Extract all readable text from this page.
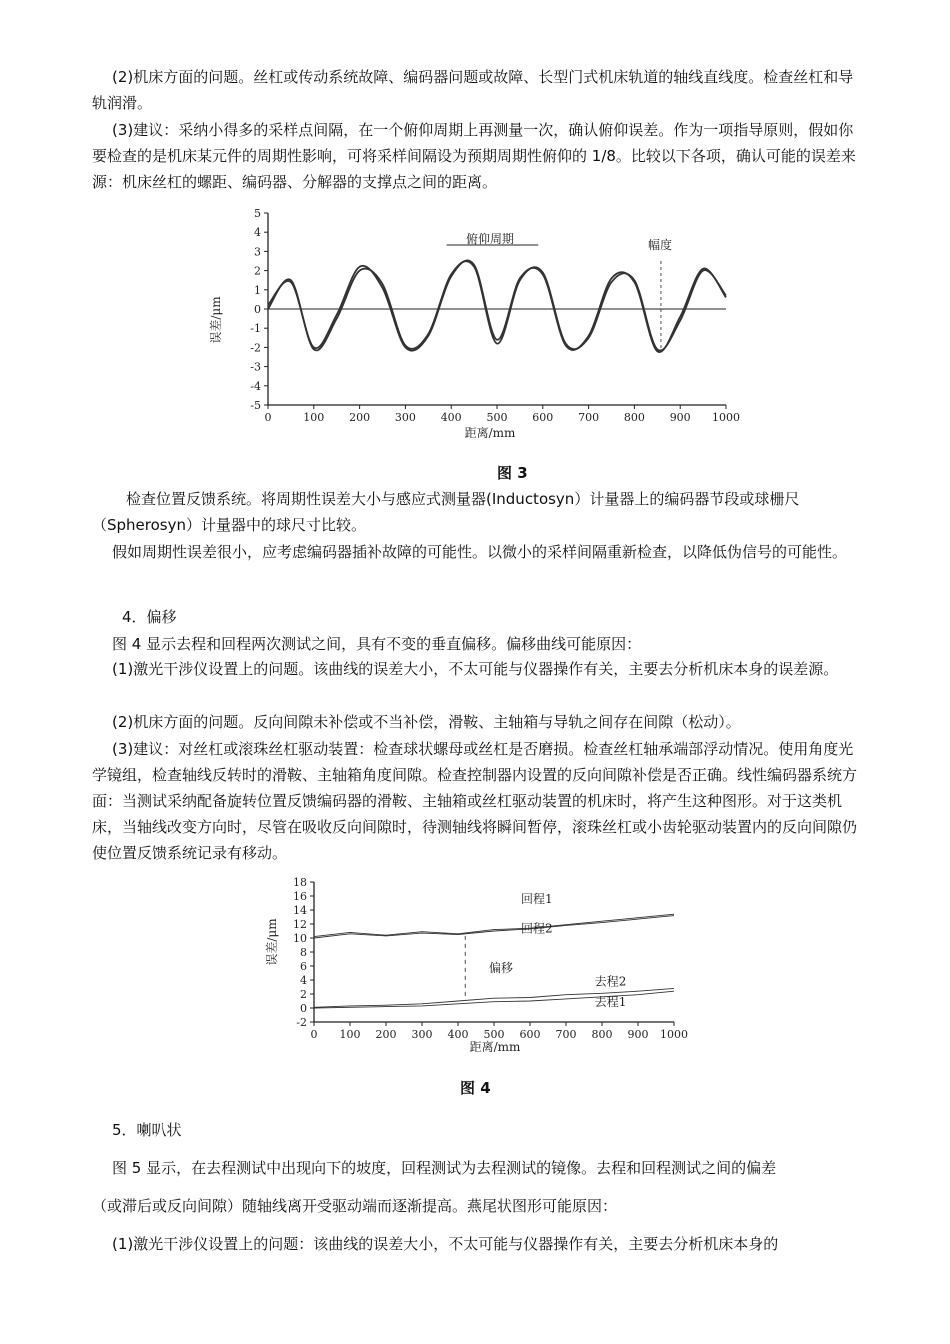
(2)机床方面的问题。丝杠或传动系统故障、编码器问题或故障、长型门式机床轨道的轴线直线度。检查丝杠和导轨润滑。

(3)建议：采纳小得多的采样点间隔，在一个俯仰周期上再测量一次，确认俯仰误差。作为一项指导原则，假如你要检查的是机床某元件的周期性影响，可将采样间隔设为预期周期性俯仰的 1/8。比较以下各项，确认可能的误差来源：机床丝杠的螺距、编码器、分解器的支撑点之间的距离。

误差/μm
距离/mm
5
4
3
2
1
0
-1
-2
-3
-4
-5
0	100 200 300 400 500 600 700 800 900 1000
俯仰周期	幅度
图 3

检查位置反馈系统。将周期性误差大小与感应式测量器(Inductosyn）计量器上的编码器节段或球栅尺（Spherosyn）计量器中的球尺寸比较。

假如周期性误差很小，应考虑编码器插补故障的可能性。以微小的采样间隔重新检查，以降低伪信号的可能性。

4．偏移

图 4 显示去程和回程两次测试之间，具有不变的垂直偏移。偏移曲线可能原因：

(1)激光干涉仪设置上的问题。该曲线的误差大小，不太可能与仪器操作有关，主要去分析机床本身的误差源。

(2)机床方面的问题。反向间隙未补偿或不当补偿，滑鞍、主轴箱与导轨之间存在间隙（松动）。

(3)建议：对丝杠或滚珠丝杠驱动装置：检查球状螺母或丝杠是否磨损。检查丝杠轴承端部浮动情况。使用角度光学镜组，检查轴线反转时的滑鞍、主轴箱角度间隙。检查控制器内设置的反向间隙补偿是否正确。线性编码器系统方面：当测试采纳配备旋转位置反馈编码器的滑鞍、主轴箱或丝杠驱动装置的机床时，将产生这种图形。对于这类机床，当轴线改变方向时，尽管在吸收反向间隙时，待测轴线将瞬间暂停，滚珠丝杠或小齿轮驱动装置内的反向间隙仍使位置反馈系统记录有移动。

误差/μm
距离/mm
18
16
14
12
10
8
6
4
2
0
-2
0 100 200 300 400 500 600 700 800 900 1000
回程1
回程2
去程2
去程1
偏移
图 4

5．喇叭状

图 5 显示，在去程测试中出现向下的坡度，回程测试为去程测试的镜像。去程和回程测试之间的偏差

（或滞后或反向间隙）随轴线离开受驱动端而逐渐提高。燕尾状图形可能原因：

(1)激光干涉仪设置上的问题：该曲线的误差大小，不太可能与仪器操作有关，主要去分析机床本身的
